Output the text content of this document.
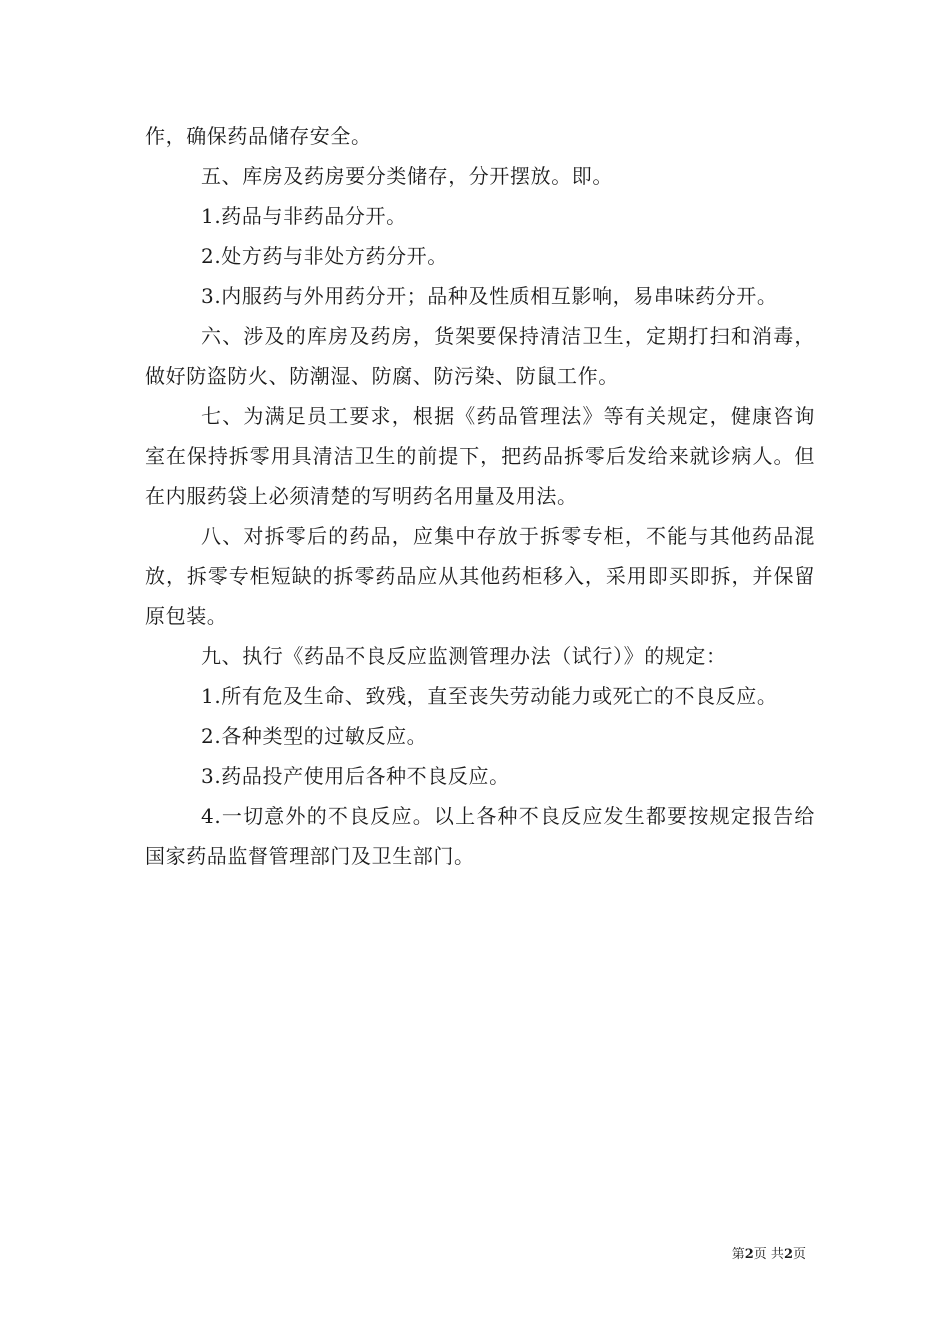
作，确保药品储存安全。

五、库房及药房要分类储存，分开摆放。即。

1.药品与非药品分开。

2.处方药与非处方药分开。

3.内服药与外用药分开；品种及性质相互影响，易串味药分开。

六、涉及的库房及药房，货架要保持清洁卫生，定期打扫和消毒，做好防盗防火、防潮湿、防腐、防污染、防鼠工作。

七、为满足员工要求，根据《药品管理法》等有关规定，健康咨询室在保持拆零用具清洁卫生的前提下，把药品拆零后发给来就诊病人。但在内服药袋上必须清楚的写明药名用量及用法。

八、对拆零后的药品，应集中存放于拆零专柜，不能与其他药品混放，拆零专柜短缺的拆零药品应从其他药柜移入，采用即买即拆，并保留原包装。

九、执行《药品不良反应监测管理办法（试行）》的规定：

1.所有危及生命、致残，直至丧失劳动能力或死亡的不良反应。

2.各种类型的过敏反应。

3.药品投产使用后各种不良反应。

4.一切意外的不良反应。以上各种不良反应发生都要按规定报告给国家药品监督管理部门及卫生部门。

第2页 共2页
